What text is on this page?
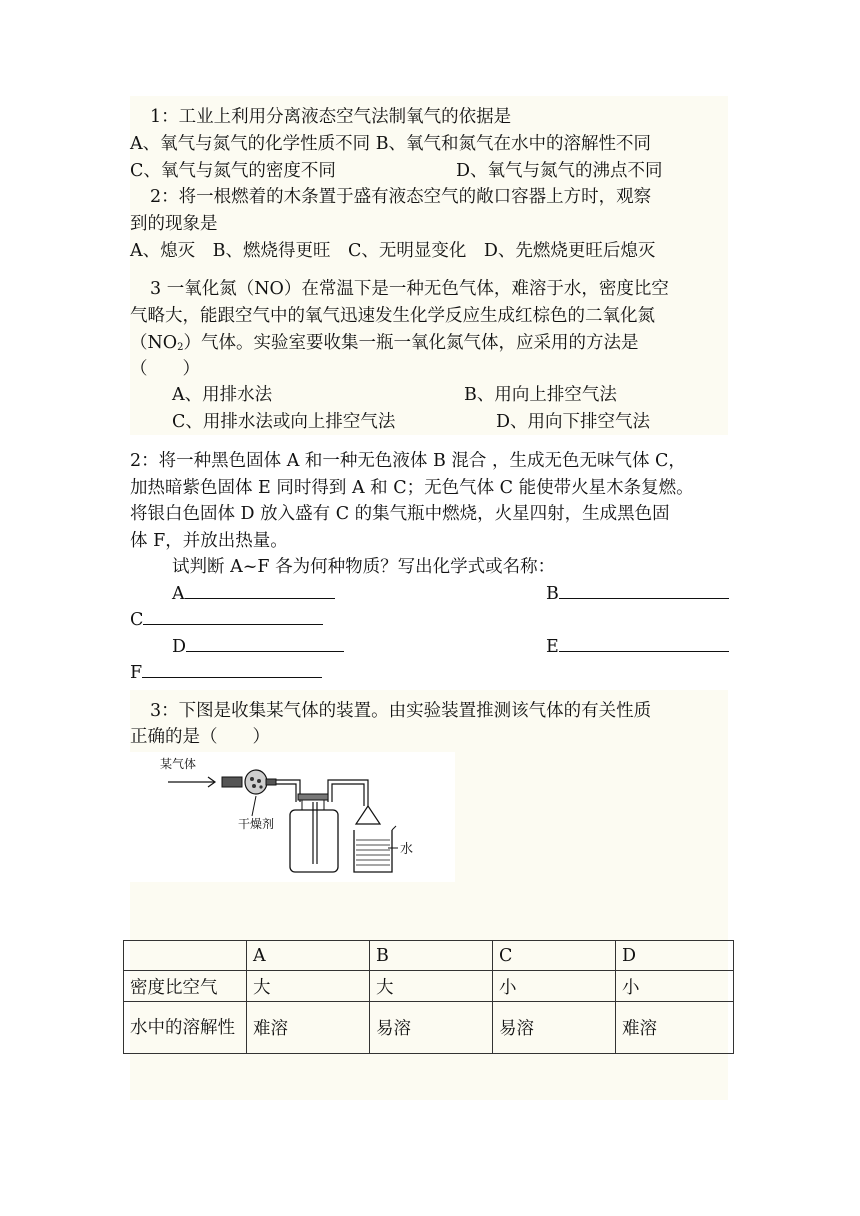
1：工业上利用分离液态空气法制氧气的依据是
A、氧气与氮气的化学性质不同 B、氧气和氮气在水中的溶解性不同
C、氧气与氮气的密度不同	D、氧气与氮气的沸点不同
2：将一根燃着的木条置于盛有液态空气的敞口容器上方时，观察
到的现象是
A、熄灭　B、燃烧得更旺　C、无明显变化　D、先燃烧更旺后熄灭
3 一氧化氮（NO）在常温下是一种无色气体，难溶于水，密度比空
气略大，能跟空气中的氧气迅速发生化学反应生成红棕色的二氧化氮
$(NO_2)$气体。实验室要收集一瓶一氧化氮气体，应采用的方法是
（　　）
A、用排水法	B、用向上排空气法
C、用排水法或向上排空气法	D、用向下排空气法
2：将一种黑色固体 A 和一种无色液体 B 混合 ，生成无色无味气体 C，
加热暗紫色固体 E 同时得到 A 和 C；无色气体 C 能使带火星木条复燃。
将银白色固体 D 放入盛有 C 的集气瓶中燃烧，火星四射，生成黑色固
体 F，并放出热量。
试判断 A~F 各为何种物质？写出化学式或名称：
A	B
C
D	E
F
3：下图是收集某气体的装置。由实验装置推测该气体的有关性质
正确的是（　　）
某气体
干燥剂
水
	A	B	C	D
密度比空气	大	大	小	小
水中的溶解性	难溶	易溶	易溶	难溶
